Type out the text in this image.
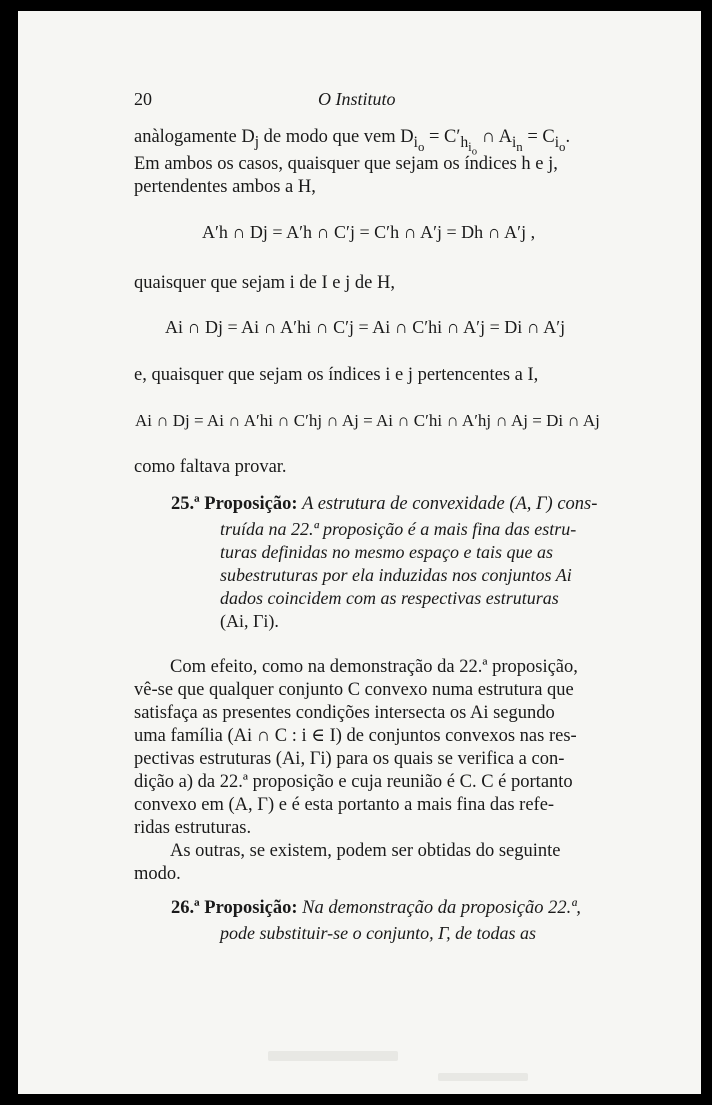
20	O Instituto
anàlogamente $D_j$ de modo que vem $D_{i_o} = C'_{h_{i_o}}$ ∩ $A_{i_n} = C_{i_o}$.
Em ambos os casos, quaisquer que sejam os índices h e j,
pertendentes ambos a H,
A′h ∩ Dj = A′h ∩ C′j = C′h ∩ A′j = Dh ∩ A′j ,
quaisquer que sejam i de I e j de H,
Ai ∩ Dj = Ai ∩ A′hi ∩ C′j = Ai ∩ C′hi ∩ A′j = Di ∩ A′j
e, quaisquer que sejam os índices i e j pertencentes a I,
Ai ∩ Dj = Ai ∩ A′hi ∩ C′hj ∩ Aj = Ai ∩ C′hi ∩ A′hj ∩ Aj = Di ∩ Aj
como faltava provar.
25.ª Proposição: A estrutura de convexidade (A, Γ) cons-
truída na 22.ª proposição é a mais fina das estru-
turas definidas no mesmo espaço e tais que as
subestruturas por ela induzidas nos conjuntos Ai
dados coincidem com as respectivas estruturas
(Ai, Γi).
Com efeito, como na demonstração da 22.ª proposição,
vê-se que qualquer conjunto C convexo numa estrutura que
satisfaça as presentes condições intersecta os Ai segundo
uma família (Ai ∩ C : i ∈ I) de conjuntos convexos nas res-
pectivas estruturas (Ai, Γi) para os quais se verifica a con-
dição a) da 22.ª proposição e cuja reunião é C. C é portanto
convexo em (A, Γ) e é esta portanto a mais fina das refe-
ridas estruturas.
As outras, se existem, podem ser obtidas do seguinte
modo.
26.ª Proposição: Na demonstração da proposição 22.ª,
pode substituir-se o conjunto, Γ, de todas as
